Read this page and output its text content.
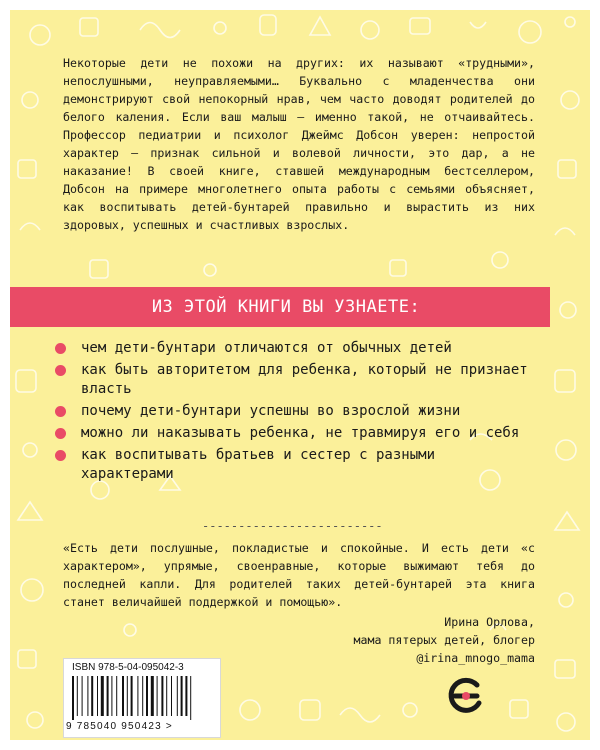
Некоторые дети не похожи на других: их называют «трудными», непослушными, неуправляемыми… Буквально с младенчества они демонстрируют свой непокорный нрав, чем часто доводят родителей до белого каления. Если ваш малыш – именно такой, не отчаивайтесь. Профессор педиатрии и психолог Джеймс Добсон уверен: непростой характер – признак сильной и волевой личности, это дар, а не наказание! В своей книге, ставшей международным бестселлером, Добсон на примере многолетнего опыта работы с семьями объясняет, как воспитывать детей-бунтарей правильно и вырастить из них здоровых, успешных и счастливых взрослых.

ИЗ ЭТОЙ КНИГИ ВЫ УЗНАЕТЕ:
чем дети-бунтари отличаются от обычных детей
как быть авторитетом для ребенка, который не признает власть
почему дети-бунтари успешны во взрослой жизни
можно ли наказывать ребенка, не травмируя его и себя
как воспитывать братьев и сестер с разными характерами
-------------------------

«Есть дети послушные, покладистые и спокойные. И есть дети «с характером», упрямые, своенравные, которые выжимают тебя до последней капли. Для родителей таких детей-бунтарей эта книга станет величайшей поддержкой и помощью».

Ирина Орлова,
мама пятерых детей, блогер
@irina_mnogo_mama
ISBN 978-5-04-095042-3
9 785040 950423 >
